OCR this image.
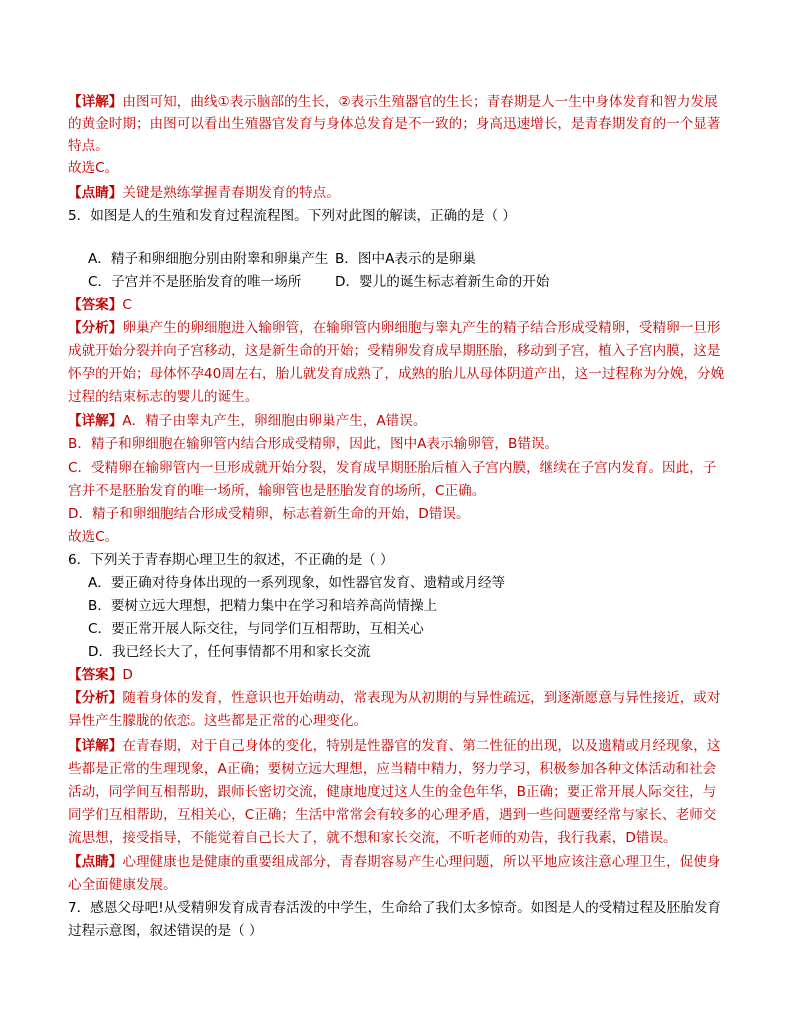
【详解】由图可知，曲线①表示脑部的生长，②表示生殖器官的生长；青春期是人一生中身体发育和智力发展
的黄金时期；由图可以看出生殖器官发育与身体总发育是不一致的；身高迅速增长，是青春期发育的一个显著
特点。
故选C。
【点睛】关键是熟练掌握青春期发育的特点。
5．如图是人的生殖和发育过程流程图。下列对此图的解读，正确的是（ ）
A．精子和卵细胞分别由附睾和卵巢产生 B．图中A表示的是卵巢
C．子宫并不是胚胎发育的唯一场所 D．婴儿的诞生标志着新生命的开始
【答案】C
【分析】卵巢产生的卵细胞进入输卵管，在输卵管内卵细胞与睾丸产生的精子结合形成受精卵，受精卵一旦形
成就开始分裂并向子宫移动，这是新生命的开始；受精卵发育成早期胚胎，移动到子宫，植入子宫内膜，这是
怀孕的开始；母体怀孕40周左右，胎儿就发育成熟了，成熟的胎儿从母体阴道产出，这一过程称为分娩，分娩
过程的结束标志的婴儿的诞生。
【详解】A．精子由睾丸产生，卵细胞由卵巢产生，A错误。
B．精子和卵细胞在输卵管内结合形成受精卵，因此，图中A表示输卵管，B错误。
C．受精卵在输卵管内一旦形成就开始分裂，发育成早期胚胎后植入子宫内膜，继续在子宫内发育。因此，子
宫并不是胚胎发育的唯一场所，输卵管也是胚胎发育的场所，C正确。
D．精子和卵细胞结合形成受精卵，标志着新生命的开始，D错误。
故选C。
6．下列关于青春期心理卫生的叙述，不正确的是（ ）
A．要正确对待身体出现的一系列现象，如性器官发育、遗精或月经等
B．要树立远大理想，把精力集中在学习和培养高尚情操上
C．要正常开展人际交往，与同学们互相帮助，互相关心
D．我已经长大了，任何事情都不用和家长交流
【答案】D
【分析】随着身体的发育，性意识也开始萌动，常表现为从初期的与异性疏远，到逐渐愿意与异性接近，或对
异性产生朦胧的依恋。这些都是正常的心理变化。
【详解】在青春期，对于自己身体的变化，特别是性器官的发育、第二性征的出现，以及遗精或月经现象，这
些都是正常的生理现象，A正确；要树立远大理想，应当精中精力，努力学习，积极参加各种文体活动和社会
活动，同学间互相帮助，跟师长密切交流，健康地度过这人生的金色年华，B正确；要正常开展人际交往，与
同学们互相帮助，互相关心，C正确；生活中常常会有较多的心理矛盾，遇到一些问题要经常与家长、老师交
流思想，接受指导，不能觉着自己长大了，就不想和家长交流，不听老师的劝告，我行我素，D错误。
【点睛】心理健康也是健康的重要组成部分，青春期容易产生心理问题，所以平地应该注意心理卫生，促使身
心全面健康发展。
7．感恩父母吧!从受精卵发育成青春活泼的中学生，生命给了我们太多惊奇。如图是人的受精过程及胚胎发育
过程示意图，叙述错误的是（ ）
